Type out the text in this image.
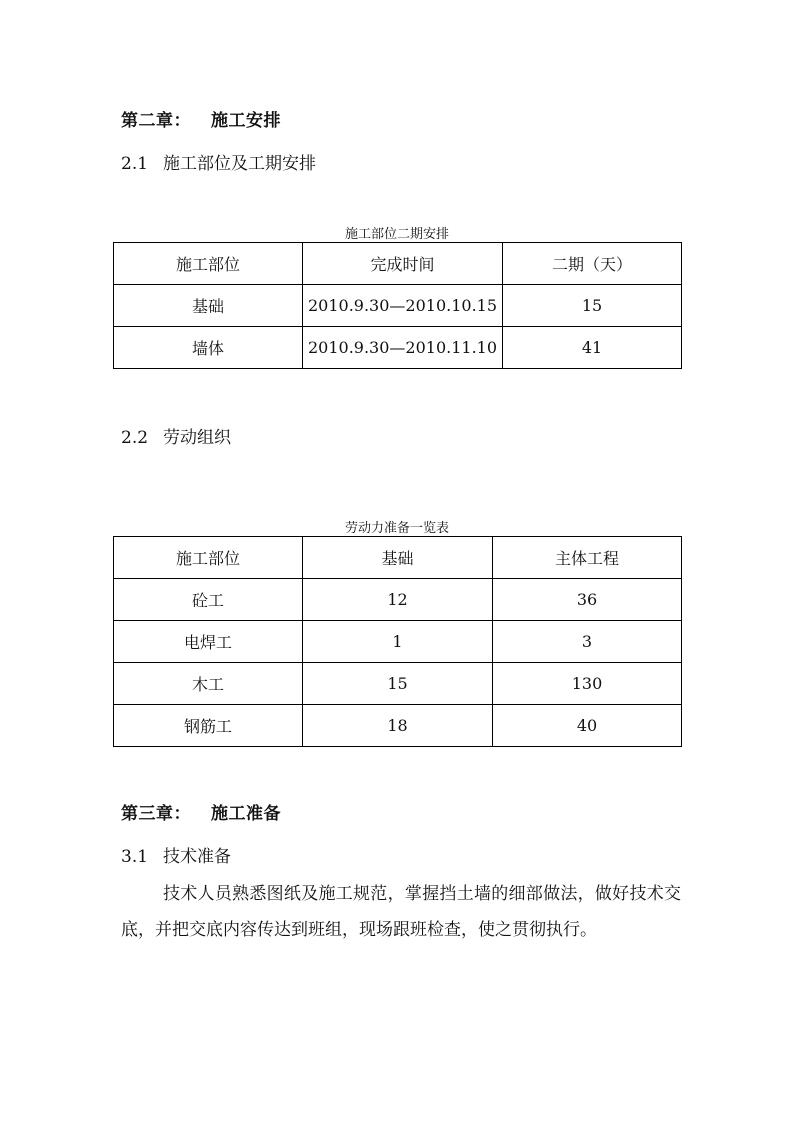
第二章： 施工安排
2.1 施工部位及工期安排
施工部位二期安排
施工部位	完成时间	二期（天）
基础	2010.9.30—2010.10.15	15
墙体	2010.9.30—2010.11.10	41
2.2 劳动组织
劳动力准备一览表
施工部位	基础	主体工程
砼工	12	36
电焊工	1	3
木工	15	130
钢筋工	18	40
第三章： 施工准备
3.1 技术准备
技术人员熟悉图纸及施工规范，掌握挡土墙的细部做法，做好技术交底，并把交底内容传达到班组，现场跟班检查，使之贯彻执行。
